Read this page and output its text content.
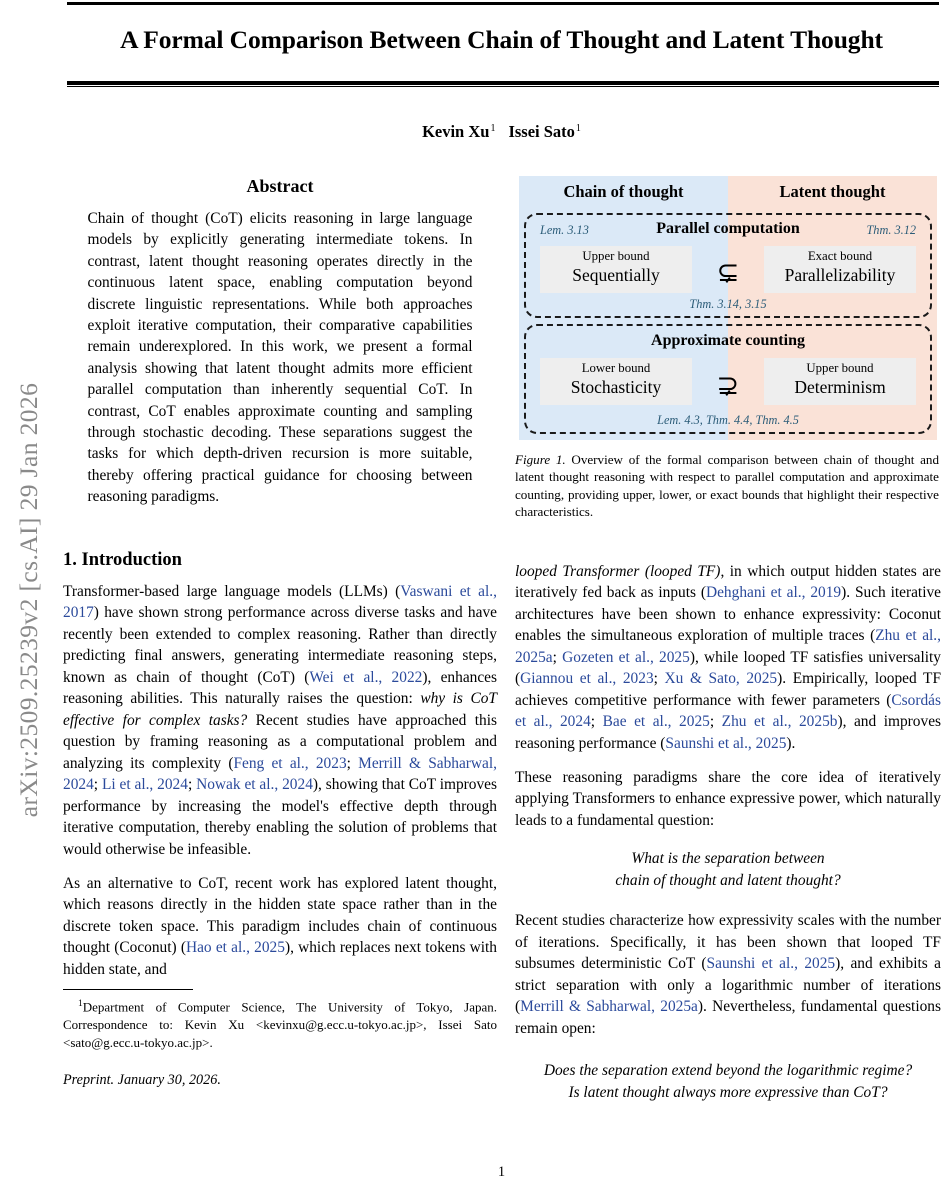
arXiv:2509.25239v2 [cs.AI] 29 Jan 2026
A Formal Comparison Between Chain of Thought and Latent Thought
Kevin Xu$^1$ Issei Sato$^1$
Abstract
Chain of thought (CoT) elicits reasoning in large language models by explicitly generating intermediate tokens. In contrast, latent thought reasoning operates directly in the continuous latent space, enabling computation beyond discrete linguistic representations. While both approaches exploit iterative computation, their comparative capabilities remain underexplored. In this work, we present a formal analysis showing that latent thought admits more efficient parallel computation than inherently sequential CoT. In contrast, CoT enables approximate counting and sampling through stochastic decoding. These separations suggest the tasks for which depth-driven recursion is more suitable, thereby offering practical guidance for choosing between reasoning paradigms.
1. Introduction

Transformer-based large language models (LLMs) (Vaswani et al., 2017) have shown strong performance across diverse tasks and have recently been extended to complex reasoning. Rather than directly predicting final answers, generating intermediate reasoning steps, known as chain of thought (CoT) (Wei et al., 2022), enhances reasoning abilities. This naturally raises the question: why is CoT effective for complex tasks? Recent studies have approached this question by framing reasoning as a computational problem and analyzing its complexity (Feng et al., 2023; Merrill & Sabharwal, 2024; Li et al., 2024; Nowak et al., 2024), showing that CoT improves performance by increasing the model's effective depth through iterative computation, thereby enabling the solution of problems that would otherwise be infeasible.

As an alternative to CoT, recent work has explored latent thought, which reasons directly in the hidden state space rather than in the discrete token space. This paradigm includes chain of continuous thought (Coconut) (Hao et al., 2025), which replaces next tokens with hidden state, and

$^1$Department of Computer Science, The University of Tokyo, Japan. Correspondence to: Kevin Xu <kevinxu@g.ecc.u-tokyo.ac.jp>, Issei Sato <sato@g.ecc.u-tokyo.ac.jp>.
Preprint. January 30, 2026.
Chain of thought	Latent thought
Parallel computation
Lem. 3.13	Thm. 3.12
Upper bound
Sequentially	⊊
Exact bound
Parallelizability
Thm. 3.14, 3.15
Approximate counting
Lower bound
Stochasticity	⊋
Upper bound
Determinism
Lem. 4.3, Thm. 4.4, Thm. 4.5
Figure 1. Overview of the formal comparison between chain of thought and latent thought reasoning with respect to parallel computation and approximate counting, providing upper, lower, or exact bounds that highlight their respective characteristics.

looped Transformer (looped TF), in which output hidden states are iteratively fed back as inputs (Dehghani et al., 2019). Such iterative architectures have been shown to enhance expressivity: Coconut enables the simultaneous exploration of multiple traces (Zhu et al., 2025a; Gozeten et al., 2025), while looped TF satisfies universality (Giannou et al., 2023; Xu & Sato, 2025). Empirically, looped TF achieves competitive performance with fewer parameters (Csordás et al., 2024; Bae et al., 2025; Zhu et al., 2025b), and improves reasoning performance (Saunshi et al., 2025).

These reasoning paradigms share the core idea of iteratively applying Transformers to enhance expressive power, which naturally leads to a fundamental question:

What is the separation between
chain of thought and latent thought?

Recent studies characterize how expressivity scales with the number of iterations. Specifically, it has been shown that looped TF subsumes deterministic CoT (Saunshi et al., 2025), and exhibits a strict separation with only a logarithmic number of iterations (Merrill & Sabharwal, 2025a). Nevertheless, fundamental questions remain open:

Does the separation extend beyond the logarithmic regime?
Is latent thought always more expressive than CoT?
1
